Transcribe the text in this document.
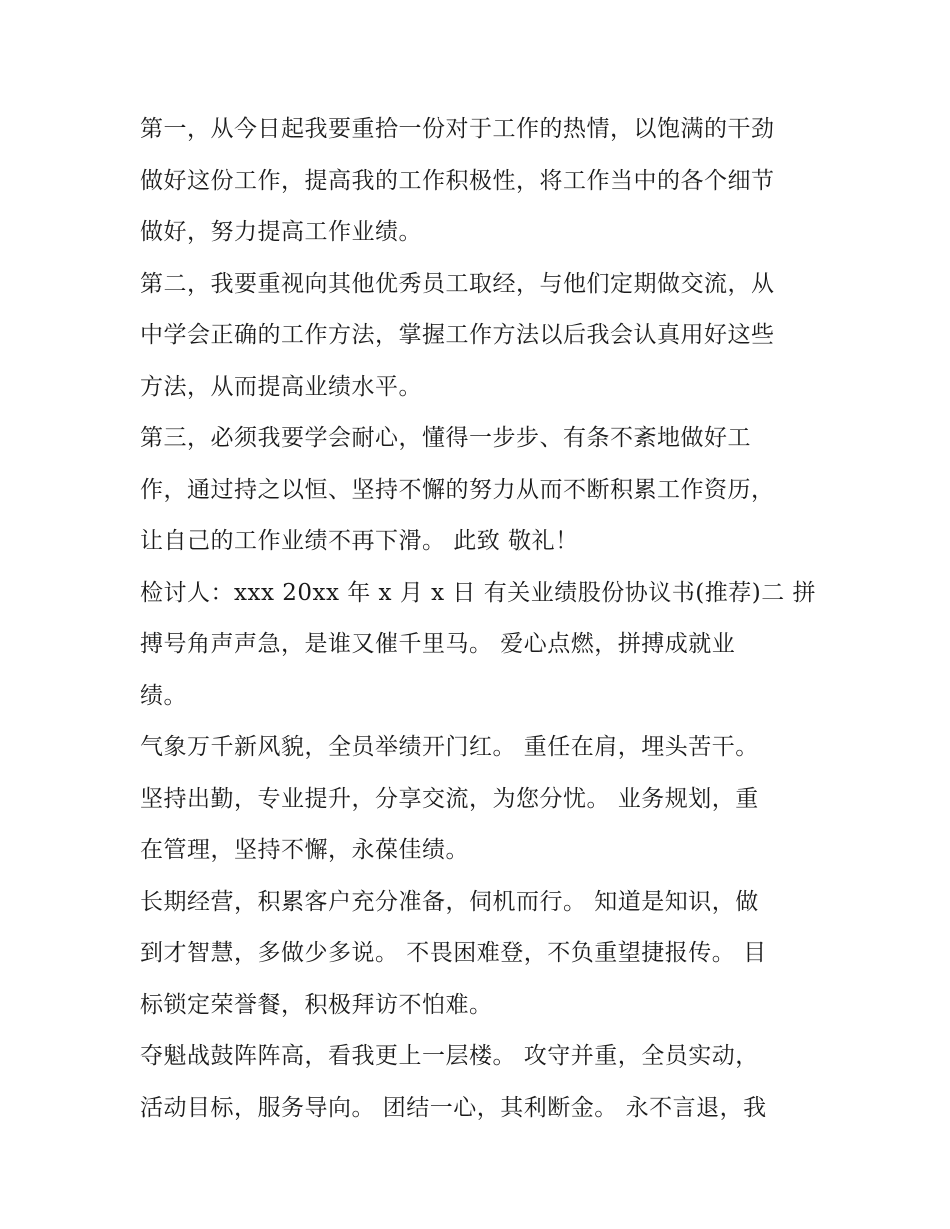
第一，从今日起我要重拾一份对于工作的热情，以饱满的干劲
做好这份工作，提高我的工作积极性，将工作当中的各个细节
做好，努力提高工作业绩。
第二，我要重视向其他优秀员工取经，与他们定期做交流，从
中学会正确的工作方法，掌握工作方法以后我会认真用好这些
方法，从而提高业绩水平。
第三，必须我要学会耐心，懂得一步步、有条不紊地做好工
作，通过持之以恒、坚持不懈的努力从而不断积累工作资历，
让自己的工作业绩不再下滑。 此致 敬礼！
检讨人：xxx 20xx 年 x 月 x 日 有关业绩股份协议书(推荐)二 拼
搏号角声声急，是谁又催千里马。 爱心点燃，拼搏成就业
绩。
气象万千新风貌，全员举绩开门红。 重任在肩，埋头苦干。
坚持出勤，专业提升，分享交流，为您分忧。 业务规划，重
在管理，坚持不懈，永葆佳绩。
长期经营，积累客户充分准备，伺机而行。 知道是知识，做
到才智慧，多做少多说。 不畏困难登，不负重望捷报传。 目
标锁定荣誉餐，积极拜访不怕难。
夺魁战鼓阵阵高，看我更上一层楼。 攻守并重，全员实动，
活动目标，服务导向。 团结一心，其利断金。 永不言退，我
